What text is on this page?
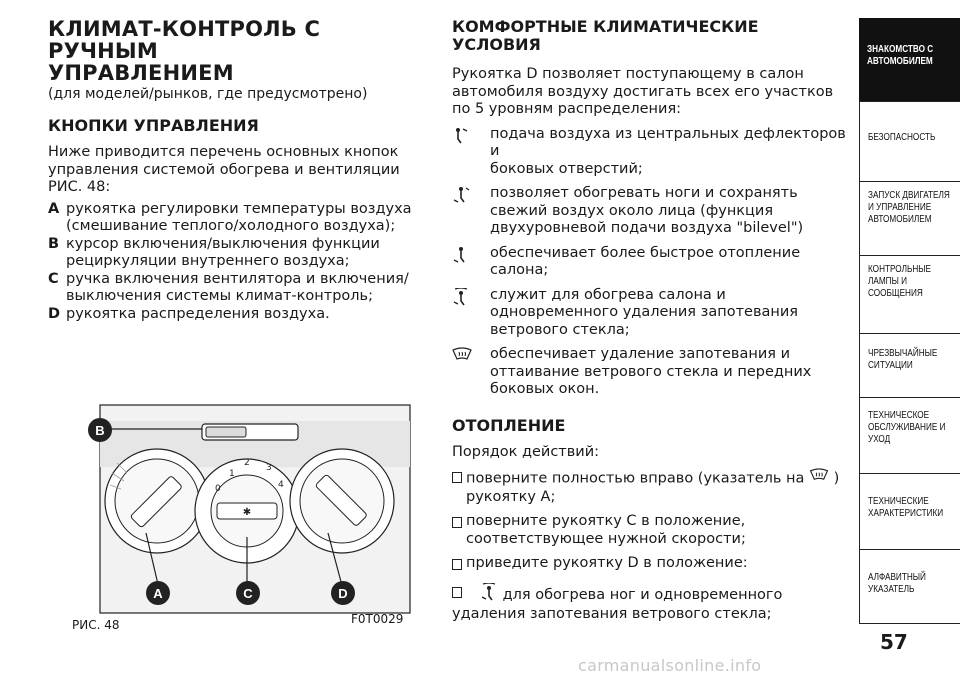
КЛИМАТ-КОНТРОЛЬ С РУЧНЫМ
УПРАВЛЕНИЕМ
(для моделей/рынков, где предусмотрено)
КНОПКИ УПРАВЛЕНИЯ

Ниже приводится перечень основных кнопок
управления системой обогрева и вентиляции
РИС. 48:

A рукоятка регулировки температуры воздуха
(смешивание теплого/холодного воздуха);
B курсор включения/выключения функции
рециркуляции внутреннего воздуха;
C ручка включения вентилятора и включения/
выключения системы климат-контроль;
D рукоятка распределения воздуха.
B
✱
1
2 3
0	4
A	C	D
РИС. 48	F0T0029
КОМФОРТНЫЕ КЛИМАТИЧЕСКИЕ
УСЛОВИЯ

Рукоятка D позволяет поступающему в салон
автомобиля воздуху достигать всех его участков
по 5 уровням распределения:

подача воздуха из центральных дефлекторов и
боковых отверстий;
позволяет обогревать ноги и сохранять
свежий воздух около лица (функция
двухуровневой подачи воздуха "bilevel")
обеспечивает более быстрое отопление
салона;
служит для обогрева салона и
одновременного удаления запотевания
ветрового стекла;
обеспечивает удаление запотевания и
оттаивание ветрового стекла и передних
боковых окон.
ОТОПЛЕНИЕ

Порядок действий:

поверните полностью вправо (указатель на )
рукоятку A;
поверните рукоятку C в положение,
соответствующее нужной скорости;
приведите рукоятку D в положение:
для обогрева ног и одновременного
удаления запотевания ветрового стекла;
ЗНАКОМСТВО С
АВТОМОБИЛЕМ
БЕЗОПАСНОСТЬ
ЗАПУСК ДВИГАТЕЛЯ
И УПРАВЛЕНИЕ
АВТОМОБИЛЕМ
КОНТРОЛЬНЫЕ
ЛАМПЫ И
СООБЩЕНИЯ
ЧРЕЗВЫЧАЙНЫЕ
СИТУАЦИИ
ТЕХНИЧЕСКОЕ
ОБСЛУЖИВАНИЕ И
УХОД
ТЕХНИЧЕСКИЕ
ХАРАКТЕРИСТИКИ
АЛФАВИТНЫЙ
УКАЗАТЕЛЬ
57
carmanualsonline.info
